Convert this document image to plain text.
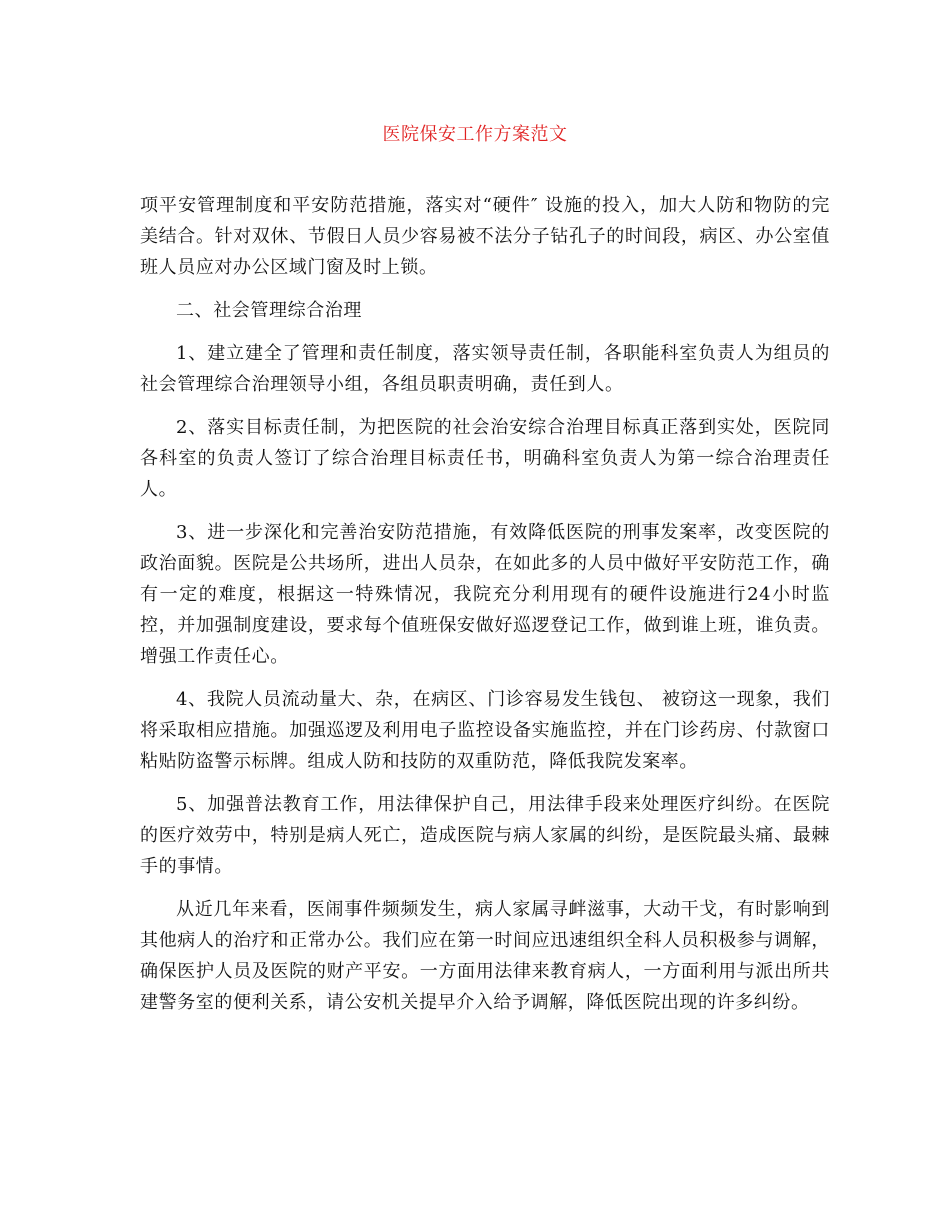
医院保安工作方案范文

项平安管理制度和平安防范措施，落实对“硬件″ 设施的投入，加大人防和物防的完美结合。针对双休、节假日人员少容易被不法分子钻孔子的时间段，病区、办公室值班人员应对办公区域门窗及时上锁。

二、社会管理综合治理

1、建立建全了管理和责任制度，落实领导责任制，各职能科室负责人为组员的社会管理综合治理领导小组，各组员职责明确，责任到人。

2、落实目标责任制，为把医院的社会治安综合治理目标真正落到实处，医院同各科室的负责人签订了综合治理目标责任书，明确科室负责人为第一综合治理责任人。

3、进一步深化和完善治安防范措施，有效降低医院的刑事发案率，改变医院的政治面貌。医院是公共场所，进出人员杂，在如此多的人员中做好平安防范工作，确有一定的难度，根据这一特殊情况，我院充分利用现有的硬件设施进行24小时监控，并加强制度建设，要求每个值班保安做好巡逻登记工作，做到谁上班，谁负责。增强工作责任心。

4、我院人员流动量大、杂，在病区、门诊容易发生钱包、 被窃这一现象，我们将采取相应措施。加强巡逻及利用电子监控设备实施监控，并在门诊药房、付款窗口粘贴防盗警示标牌。组成人防和技防的双重防范，降低我院发案率。

5、加强普法教育工作，用法律保护自己，用法律手段来处理医疗纠纷。在医院的医疗效劳中，特别是病人死亡，造成医院与病人家属的纠纷，是医院最头痛、最棘手的事情。

从近几年来看，医闹事件频频发生，病人家属寻衅滋事，大动干戈，有时影响到其他病人的治疗和正常办公。我们应在第一时间应迅速组织全科人员积极参与调解，确保医护人员及医院的财产平安。一方面用法律来教育病人，一方面利用与派出所共建警务室的便利关系，请公安机关提早介入给予调解，降低医院出现的许多纠纷。
